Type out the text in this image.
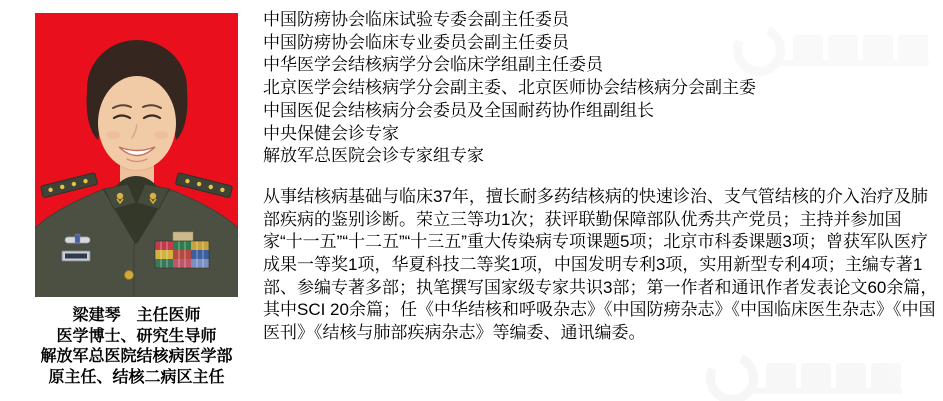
梁建琴　主任医师
医学博士、研究生导师
解放军总医院结核病医学部
原主任、结核二病区主任
中国防痨协会临床试验专委会副主任委员
中国防痨协会临床专业委员会副主任委员
中华医学会结核病学分会临床学组副主任委员
北京医学会结核病学分会副主委、北京医师协会结核病分会副主委
中国医促会结核病分会委员及全国耐药协作组副组长
中央保健会诊专家
解放军总医院会诊专家组专家

从事结核病基础与临床37年，擅长耐多药结核病的快速诊治、支气管结核的介入治疗及肺部疾病的鉴别诊断。荣立三等功1次；获评联勤保障部队优秀共产党员；主持并参加国家“十一五”“十二五”“十三五”重大传染病专项课题5项；北京市科委课题3项；曾获军队医疗成果一等奖1项，华夏科技二等奖1项，中国发明专利3项，实用新型专利4项；主编专著1部、参编专著多部；执笔撰写国家级专家共识3部；第一作者和通讯作者发表论文60余篇，其中SCI 20余篇；任《中华结核和呼吸杂志》《中国防痨杂志》《中国临床医生杂志》《中国医刊》《结核与肺部疾病杂志》等编委、通讯编委。
